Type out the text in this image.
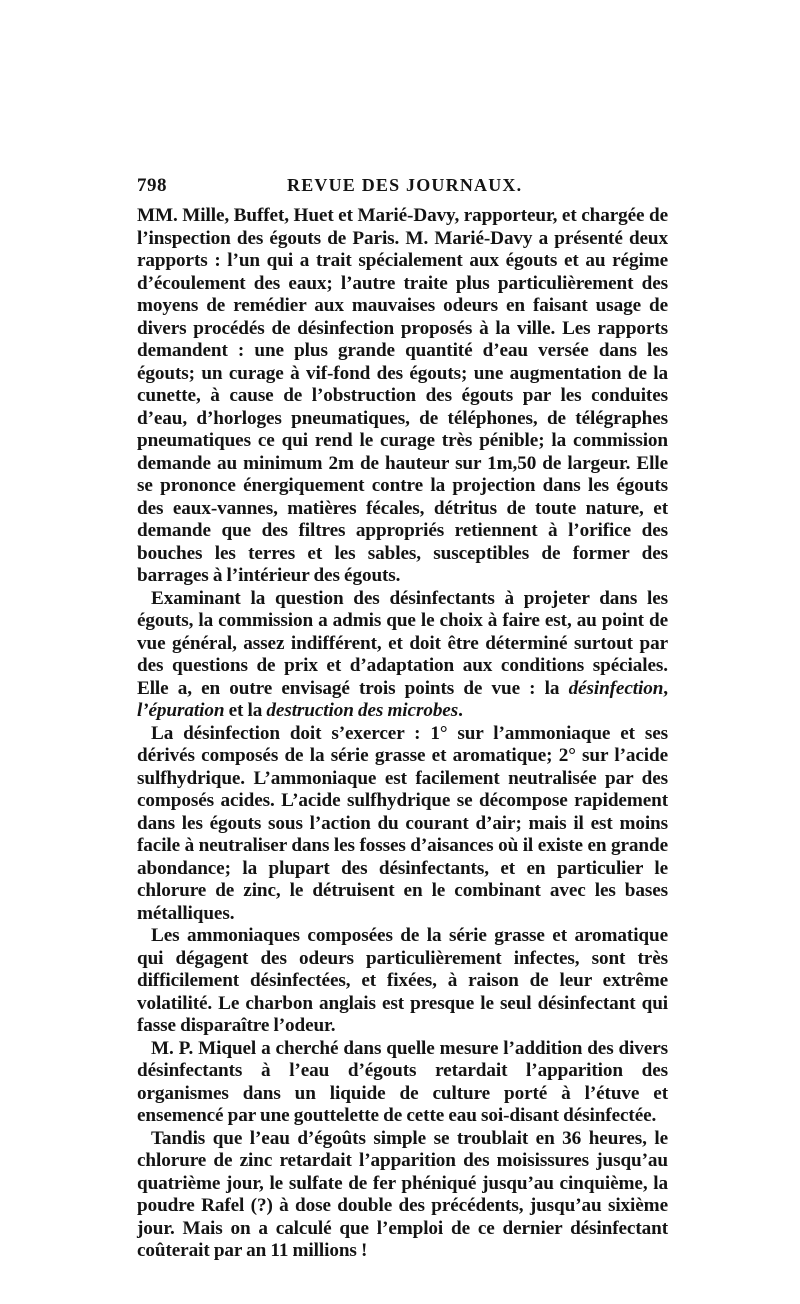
798	REVUE DES JOURNAUX.

MM. Mille, Buffet, Huet et Marié-Davy, rapporteur, et chargée de l’inspection des égouts de Paris. M. Marié-Davy a présenté deux rapports : l’un qui a trait spécialement aux égouts et au régime d’écoulement des eaux; l’autre traite plus particulièrement des moyens de remédier aux mauvaises odeurs en faisant usage de divers procédés de désinfection proposés à la ville. Les rapports demandent : une plus grande quantité d’eau versée dans les égouts; un curage à vif-fond des égouts; une augmentation de la cunette, à cause de l’obstruction des égouts par les conduites d’eau, d’horloges pneumatiques, de téléphones, de télégraphes pneumatiques ce qui rend le curage très pénible; la commission demande au minimum 2m de hauteur sur 1m,50 de largeur. Elle se prononce énergiquement contre la projection dans les égouts des eaux-vannes, matières fécales, détritus de toute nature, et demande que des filtres appropriés retiennent à l’orifice des bouches les terres et les sables, susceptibles de former des barrages à l’intérieur des égouts.

Examinant la question des désinfectants à projeter dans les égouts, la commission a admis que le choix à faire est, au point de vue général, assez indifférent, et doit être déterminé surtout par des questions de prix et d’adaptation aux conditions spéciales. Elle a, en outre envisagé trois points de vue : la désinfection, l’épuration et la destruction des microbes.

La désinfection doit s’exercer : 1° sur l’ammoniaque et ses dérivés composés de la série grasse et aromatique; 2° sur l’acide sulfhydrique. L’ammoniaque est facilement neutralisée par des composés acides. L’acide sulfhydrique se décompose rapidement dans les égouts sous l’action du courant d’air; mais il est moins facile à neutraliser dans les fosses d’aisances où il existe en grande abondance; la plupart des désinfectants, et en particulier le chlorure de zinc, le détruisent en le combinant avec les bases métalliques.

Les ammoniaques composées de la série grasse et aromatique qui dégagent des odeurs particulièrement infectes, sont très difficilement désinfectées, et fixées, à raison de leur extrême volatilité. Le charbon anglais est presque le seul désinfectant qui fasse disparaître l’odeur.

M. P. Miquel a cherché dans quelle mesure l’addition des divers désinfectants à l’eau d’égouts retardait l’apparition des organismes dans un liquide de culture porté à l’étuve et ensemencé par une gouttelette de cette eau soi-disant désinfectée.

Tandis que l’eau d’égoûts simple se troublait en 36 heures, le chlorure de zinc retardait l’apparition des moisissures jusqu’au quatrième jour, le sulfate de fer phéniqué jusqu’au cinquième, la poudre Rafel (?) à dose double des précédents, jusqu’au sixième jour. Mais on a calculé que l’emploi de ce dernier désinfectant coûterait par an 11 millions !
